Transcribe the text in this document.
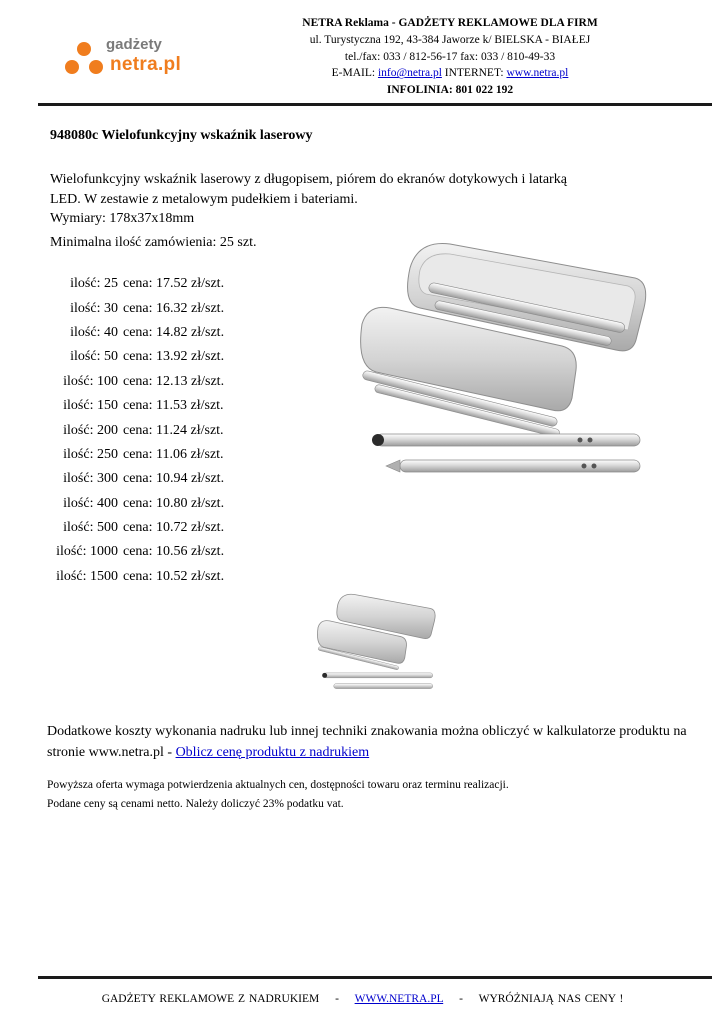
gadżety
netra.pl
NETRA Reklama - GADŻETY REKLAMOWE DLA FIRM
ul. Turystyczna 192, 43-384 Jaworze k/ BIELSKA - BIAŁEJ
tel./fax: 033 / 812-56-17 fax: 033 / 810-49-33
E-MAIL: info@netra.pl INTERNET: www.netra.pl
INFOLINIA: 801 022 192
948080c Wielofunkcyjny wskaźnik laserowy
Wielofunkcyjny wskaźnik laserowy z długopisem, piórem do ekranów dotykowych i latarką LED. W zestawie z metalowym pudełkiem i bateriami.
Wymiary: 178x37x18mm
Minimalna ilość zamówienia: 25 szt.
ilość: 25	cena: 17.52 zł/szt.
ilość: 30	cena: 16.32 zł/szt.
ilość: 40	cena: 14.82 zł/szt.
ilość: 50	cena: 13.92 zł/szt.
ilość: 100	cena: 12.13 zł/szt.
ilość: 150	cena: 11.53 zł/szt.
ilość: 200	cena: 11.24 zł/szt.
ilość: 250	cena: 11.06 zł/szt.
ilość: 300	cena: 10.94 zł/szt.
ilość: 400	cena: 10.80 zł/szt.
ilość: 500	cena: 10.72 zł/szt.
ilość: 1000	cena: 10.56 zł/szt.
ilość: 1500	cena: 10.52 zł/szt.
Dodatkowe koszty wykonania nadruku lub innej techniki znakowania można obliczyć w kalkulatorze produktu na stronie www.netra.pl - Oblicz cenę produktu z nadrukiem
Powyższa oferta wymaga potwierdzenia aktualnych cen, dostępności towaru oraz terminu realizacji.
Podane ceny są cenami netto. Należy doliczyć 23% podatku vat.
GADŻETY REKLAMOWE Z NADRUKIEM - WWW.NETRA.PL - WYRÓŻNIAJĄ NAS CENY !
